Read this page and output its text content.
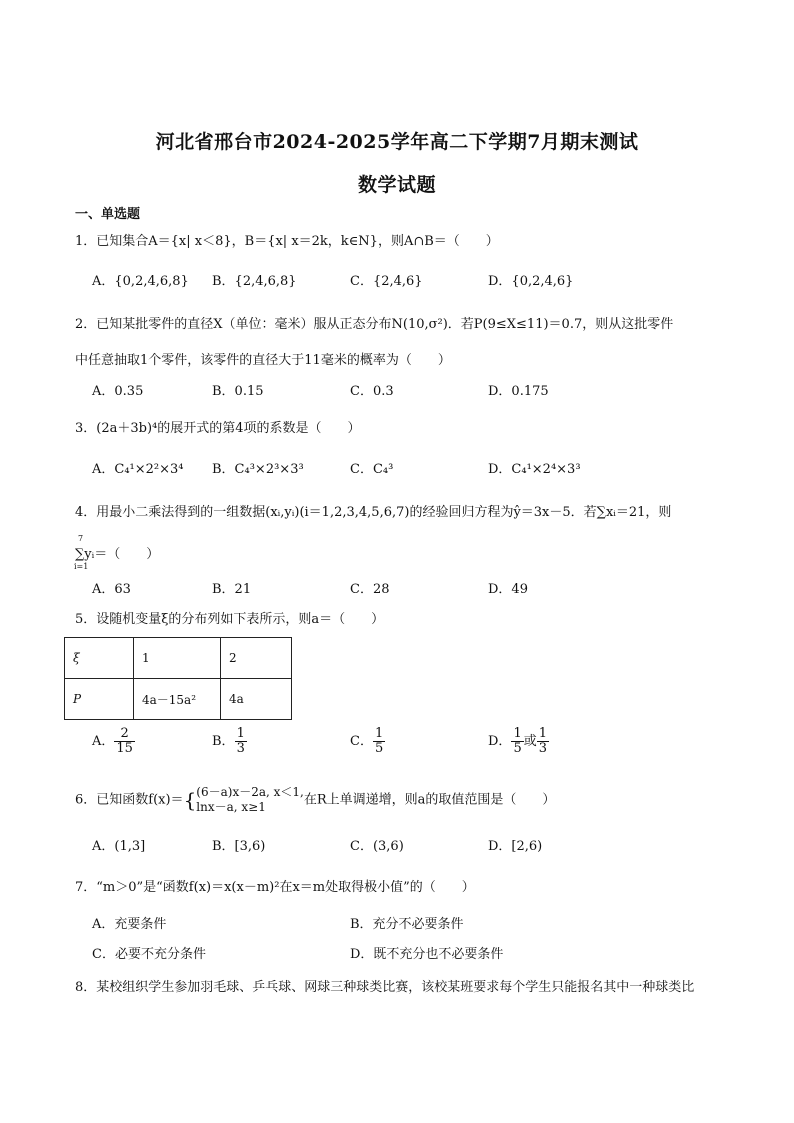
河北省邢台市2024-2025学年高二下学期7月期末测试
数学试题
一、单选题
1．已知集合A＝{x| x＜8}，B＝{x| x＝2k，k∈N}，则A∩B＝（　　）
A．{0,2,4,6,8} B．{2,4,6,8}	C．{2,4,6}	D．{0,2,4,6}
2．已知某批零件的直径X（单位：毫米）服从正态分布N(10,σ²)．若P(9≤X≤11)＝0.7，则从这批零件
中任意抽取1个零件，该零件的直径大于11毫米的概率为（　　）
A．0.35	B．0.15	C．0.3	D．0.175
3．(2a＋3b)⁴的展开式的第4项的系数是（　　）
A．C₄¹×2²×3⁴ B．C₄³×2³×3³	C．C₄³	D．C₄¹×2⁴×3³
4．用最小二乘法得到的一组数据(xᵢ,yᵢ)(i＝1,2,3,4,5,6,7)的经验回归方程为ŷ＝3x－5．若∑xᵢ＝21，则
∑yᵢ＝（　　）
7
i=1
A．63	B．21	C．28	D．49
5．设随机变量ξ的分布列如下表所示，则a＝（　　）
ξ	1	2
P	4a－15a²	4a
A． $\frac{2}{15}$	B． $\frac{1}{3}$	C． $\frac{1}{5}$	D． $\frac{1}{5}$ 或 $\frac{1}{3}$
6．已知函数f(x)＝{ (6－a)x－2a, x＜1,
lnx－a, x≥1	在R上单调递增，则a的取值范围是（　　）
A．(1,3]	B．[3,6)	C．(3,6)	D．[2,6)
7．“m＞0”是“函数f(x)＝x(x－m)²在x＝m处取得极小值”的（　　）
A．充要条件	B．充分不必要条件
C．必要不充分条件	D．既不充分也不必要条件
8．某校组织学生参加羽毛球、乒乓球、网球三种球类比赛，该校某班要求每个学生只能报名其中一种球类比
